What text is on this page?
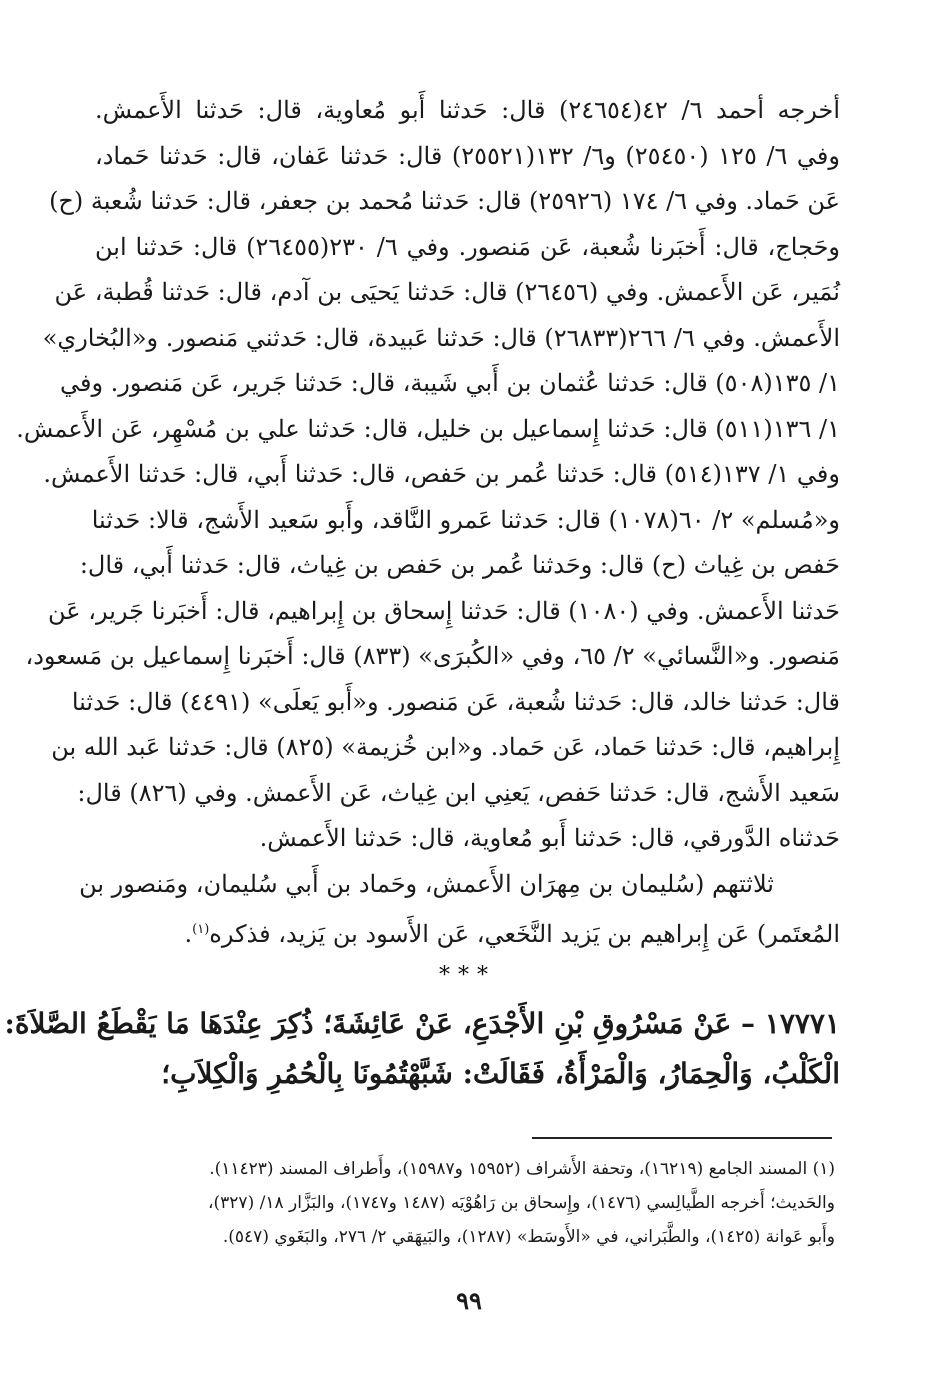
أخرجه أحمد ٦/ ٤٢(٢٤٦٥٤) قال: حَدثنا أَبو مُعاوية، قال: حَدثنا الأَعمش.
وفي ٦/ ١٢٥ (٢٥٤٥٠) و٦/ ١٣٢(٢٥٥٢١) قال: حَدثنا عَفان، قال: حَدثنا حَماد،
عَن حَماد. وفي ٦/ ١٧٤ (٢٥٩٢٦) قال: حَدثنا مُحمد بن جعفر، قال: حَدثنا شُعبة (ح)
وحَجاج، قال: أَخبَرنا شُعبة، عَن مَنصور. وفي ٦/ ٢٣٠(٢٦٤٥٥) قال: حَدثنا ابن
نُمَير، عَن الأَعمش. وفي (٢٦٤٥٦) قال: حَدثنا يَحيَى بن آدم، قال: حَدثنا قُطبة، عَن
الأَعمش. وفي ٦/ ٢٦٦(٢٦٨٣٣) قال: حَدثنا عَبيدة، قال: حَدثني مَنصور. و«البُخاري»
١/ ١٣٥(٥٠٨) قال: حَدثنا عُثمان بن أَبي شَيبة، قال: حَدثنا جَرير، عَن مَنصور. وفي
١/ ١٣٦(٥١١) قال: حَدثنا إِسماعيل بن خليل، قال: حَدثنا علي بن مُسْهِر، عَن الأَعمش.
وفي ١/ ١٣٧(٥١٤) قال: حَدثنا عُمر بن حَفص، قال: حَدثنا أَبي، قال: حَدثنا الأَعمش.
و«مُسلم» ٢/ ٦٠(١٠٧٨) قال: حَدثنا عَمرو النَّاقد، وأَبو سَعيد الأَشج، قالا: حَدثنا
حَفص بن غِياث (ح) قال: وحَدثنا عُمر بن حَفص بن غِياث، قال: حَدثنا أَبي، قال:
حَدثنا الأَعمش. وفي (١٠٨٠) قال: حَدثنا إِسحاق بن إِبراهيم، قال: أَخبَرنا جَرير، عَن
مَنصور. و«النَّسائي» ٢/ ٦٥، وفي «الكُبرَى» (٨٣٣) قال: أَخبَرنا إِسماعيل بن مَسعود،
قال: حَدثنا خالد، قال: حَدثنا شُعبة، عَن مَنصور. و«أَبو يَعلَى» (٤٤٩١) قال: حَدثنا
إِبراهيم، قال: حَدثنا حَماد، عَن حَماد. و«ابن خُزيمة» (٨٢٥) قال: حَدثنا عَبد الله بن
سَعيد الأَشج، قال: حَدثنا حَفص، يَعنِي ابن غِياث، عَن الأَعمش. وفي (٨٢٦) قال:
حَدثناه الدَّورقي، قال: حَدثنا أَبو مُعاوية، قال: حَدثنا الأَعمش.
ثلاثتهم (سُليمان بن مِهرَان الأَعمش، وحَماد بن أَبي سُليمان، ومَنصور بن
المُعتَمر) عَن إِبراهيم بن يَزيد النَّخَعي، عَن الأَسود بن يَزيد، فذكره$^{(١)}$.
***
١٧٧٧١ – عَنْ مَسْرُوقِ بْنِ الأَجْدَعِ، عَنْ عَائِشَةَ؛ ذُكِرَ عِنْدَهَا مَا يَقْطَعُ الصَّلاَةَ:
الْكَلْبُ، وَالْحِمَارُ، وَالْمَرْأَةُ، فَقَالَتْ: شَبَّهْتُمُونَا بِالْحُمُرِ وَالْكِلاَبِ؛
(١) المسند الجامع (١٦٢١٩)، وتحفة الأَشراف (١٥٩٥٢ و١٥٩٨٧)، وأَطراف المسند (١١٤٢٣).
والحَديث؛ أَخرجه الطَّيالِسي (١٤٧٦)، وإِسحاق بن رَاهُوْيَه (١٤٨٧ و١٧٤٧)، والبَزَّار ١٨/ (٣٢٧)،
وأَبو عَوانة (١٤٢٥)، والطَّبَراني، في «الأَوسَط» (١٢٨٧)، والبَيهَقي ٢/ ٢٧٦، والبَغَوي (٥٤٧).
٩٩
